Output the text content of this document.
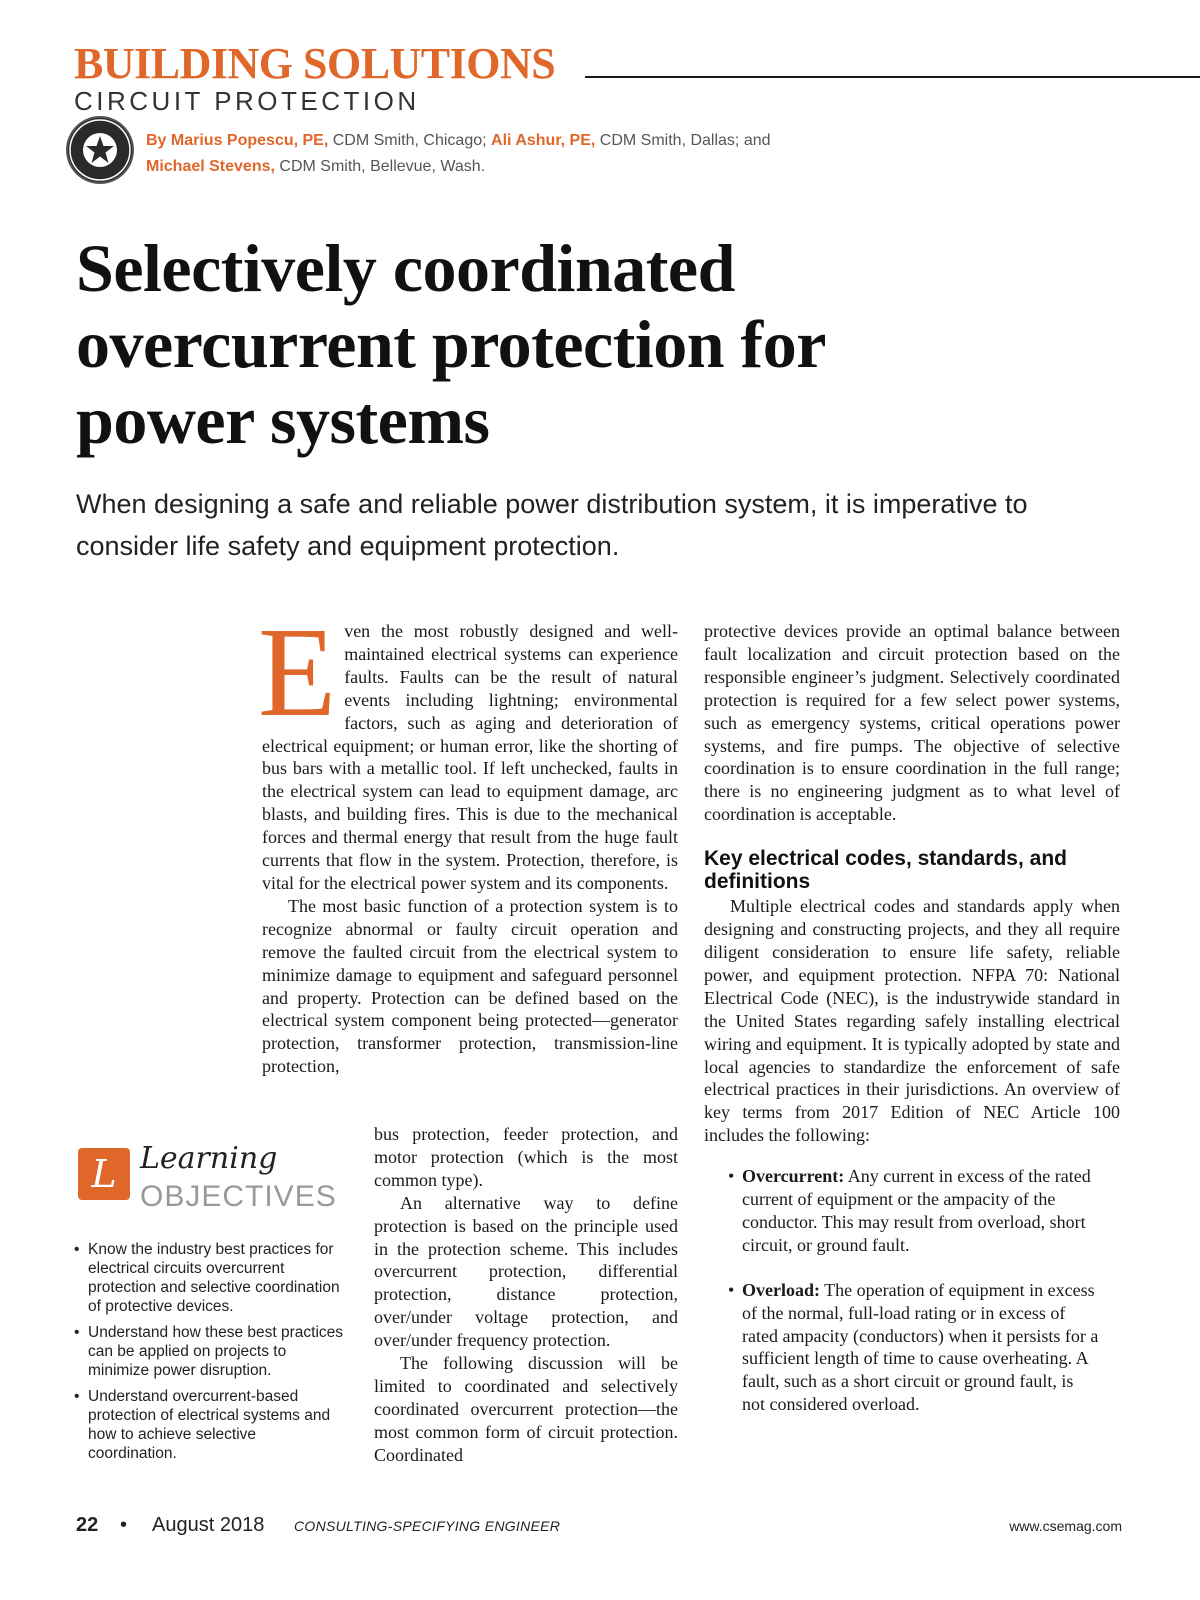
BUILDING SOLUTIONS
CIRCUIT PROTECTION
By Marius Popescu, PE, CDM Smith, Chicago; Ali Ashur, PE, CDM Smith, Dallas; and
Michael Stevens, CDM Smith, Bellevue, Wash.
Selectively coordinated overcurrent protection for power systems

When designing a safe and reliable power distribution system, it is imperative to consider life safety and equipment protection.

Even the most robustly designed and well-maintained electrical systems can experience faults. Faults can be the result of natural events including lightning; environmental factors, such as aging and deterioration of electrical equipment; or human error, like the shorting of bus bars with a metallic tool. If left unchecked, faults in the electrical system can lead to equipment damage, arc blasts, and building fires. This is due to the mechanical forces and thermal energy that result from the huge fault currents that flow in the system. Protection, therefore, is vital for the electrical power system and its components.

The most basic function of a protection system is to recognize abnormal or faulty circuit operation and remove the faulted circuit from the electrical system to minimize damage to equipment and safeguard personnel and property. Protection can be defined based on the electrical system component being protected—generator protection, transformer protection, transmission-line protection,

bus protection, feeder protection, and motor protection (which is the most common type).

An alternative way to define protection is based on the principle used in the protection scheme. This includes overcurrent protection, differential protection, distance protection, over/under voltage protection, and over/under frequency protection.

The following discussion will be limited to coordinated and selectively coordinated overcurrent protection—the most common form of circuit protection. Coordinated

protective devices provide an optimal balance between fault localization and circuit protection based on the responsible engineer’s judgment. Selectively coordinated protection is required for a few select power systems, such as emergency systems, critical operations power systems, and fire pumps. The objective of selective coordination is to ensure coordination in the full range; there is no engineering judgment as to what level of coordination is acceptable.

Key electrical codes, standards, and definitions

Multiple electrical codes and standards apply when designing and constructing projects, and they all require diligent consideration to ensure life safety, reliable power, and equipment protection. NFPA 70: National Electrical Code (NEC), is the industrywide standard in the United States regarding safely installing electrical wiring and equipment. It is typically adopted by state and local agencies to standardize the enforcement of safe electrical practices in their jurisdictions. An overview of key terms from 2017 Edition of NEC Article 100 includes the following:

• Overcurrent: Any current in excess of the rated current of equipment or the ampacity of the conductor. This may result from overload, short circuit, or ground fault.
• Overload: The operation of equipment in excess of the normal, full-load rating or in excess of rated ampacity (conductors) when it persists for a sufficient length of time to cause overheating. A fault, such as a short circuit or ground fault, is not considered overload.
L Learning
OBJECTIVES
• Know the industry best practices for electrical circuits overcurrent protection and selective coordination of protective devices.
• Understand how these best practices can be applied on projects to minimize power disruption.
• Understand overcurrent-based protection of electrical systems and how to achieve selective coordination.
22 • August 2018 CONSULTING-SPECIFYING ENGINEER	www.csemag.com
